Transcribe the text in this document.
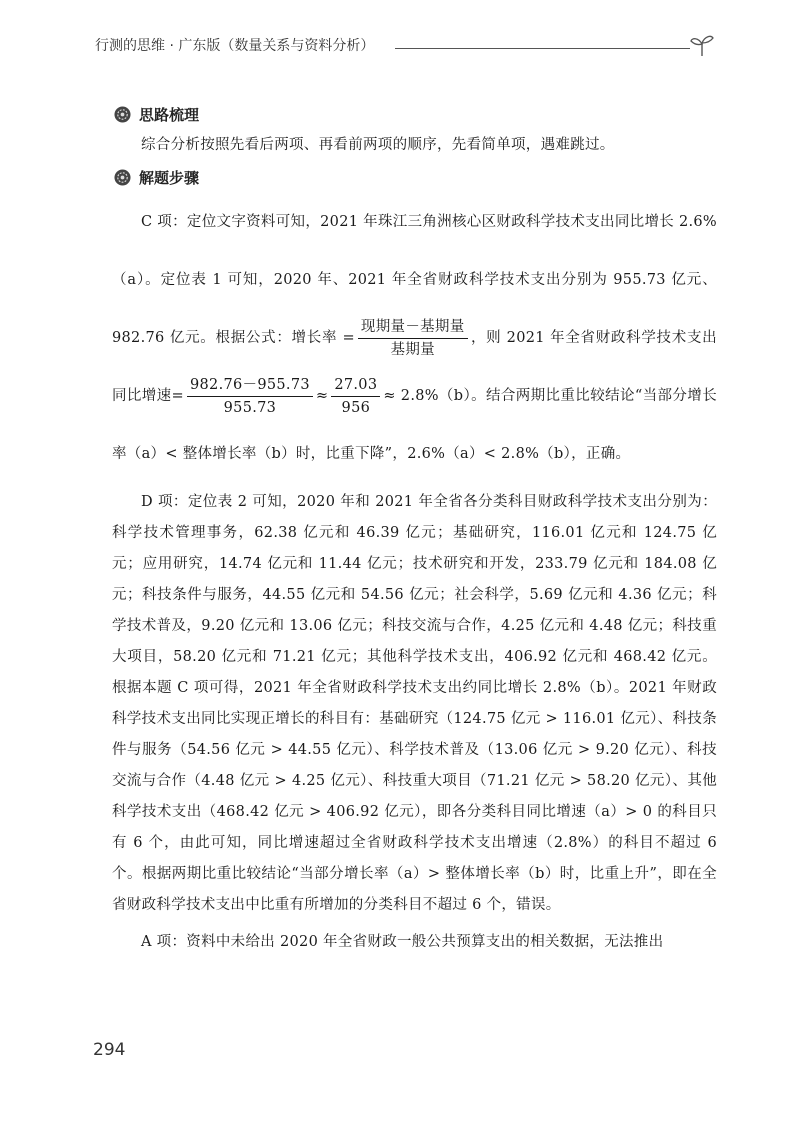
行测的思维 · 广东版（数量关系与资料分析）
思路梳理

综合分析按照先看后两项、再看前两项的顺序，先看简单项，遇难跳过。

解题步骤

C 项：定位文字资料可知，2021 年珠江三角洲核心区财政科学技术支出同比增长 2.6%（a）。定位表 1 可知，2020 年、2021 年全省财政科学技术支出分别为 955.73 亿元、982.76 亿元。根据公式：增长率 = $\frac{\text{现期量－基期量}}{\text{基期量}}$ ，则 2021 年全省财政科学技术支出同比增速= $\frac{982.76-955.73}{955.73} \approx \frac{27.03}{956} \approx 2.8\%(b)$。结合两期比重比较结论“当部分增长率（a）< 整体增长率（b）时，比重下降”，2.6%（a）< 2.8%（b），正确。

D 项：定位表 2 可知，2020 年和 2021 年全省各分类科目财政科学技术支出分别为：科学技术管理事务，62.38 亿元和 46.39 亿元；基础研究，116.01 亿元和 124.75 亿元；应用研究，14.74 亿元和 11.44 亿元；技术研究和开发，233.79 亿元和 184.08 亿元；科技条件与服务，44.55 亿元和 54.56 亿元；社会科学，5.69 亿元和 4.36 亿元；科学技术普及，9.20 亿元和 13.06 亿元；科技交流与合作，4.25 亿元和 4.48 亿元；科技重大项目，58.20 亿元和 71.21 亿元；其他科学技术支出，406.92 亿元和 468.42 亿元。根据本题 C 项可得，2021 年全省财政科学技术支出约同比增长 2.8%（b）。2021 年财政科学技术支出同比实现正增长的科目有：基础研究（124.75 亿元 > 116.01 亿元）、科技条件与服务（54.56 亿元 > 44.55 亿元）、科学技术普及（13.06 亿元 > 9.20 亿元）、科技交流与合作（4.48 亿元 > 4.25 亿元）、科技重大项目（71.21 亿元 > 58.20 亿元）、其他科学技术支出（468.42 亿元 > 406.92 亿元），即各分类科目同比增速（a）> 0 的科目只有 6 个，由此可知，同比增速超过全省财政科学技术支出增速（2.8%）的科目不超过 6 个。根据两期比重比较结论“当部分增长率（a）> 整体增长率（b）时，比重上升”，即在全省财政科学技术支出中比重有所增加的分类科目不超过 6 个，错误。

A 项：资料中未给出 2020 年全省财政一般公共预算支出的相关数据，无法推出

294
